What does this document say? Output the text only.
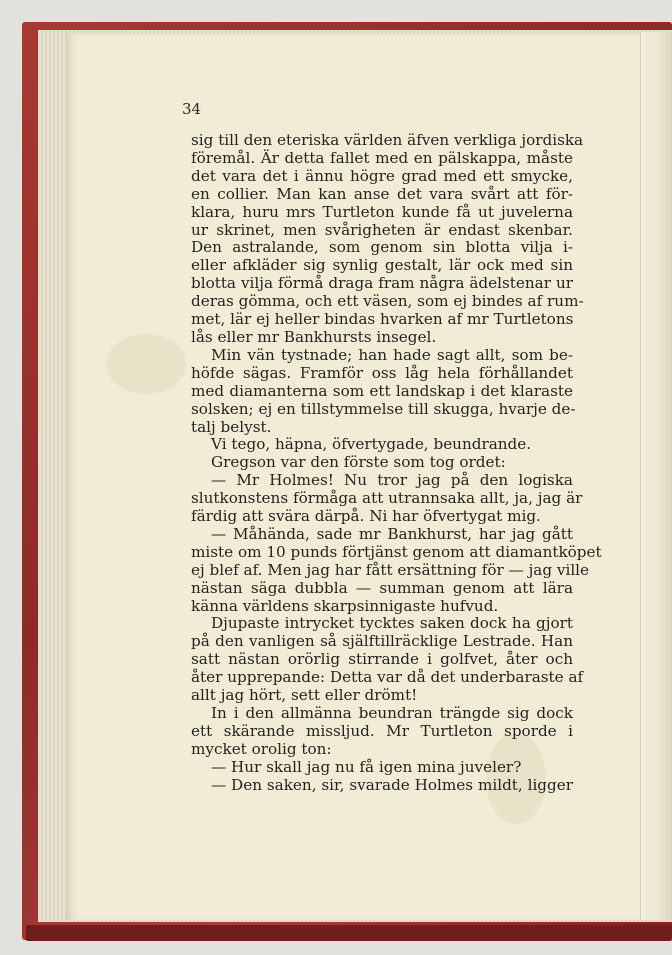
34
sig till den eteriska världen äfven verkliga jordiska
föremål. Är detta fallet med en pälskappa, måste
det vara det i ännu högre grad med ett smycke,
en collier. Man kan anse det vara svårt att för-
klara, huru mrs Turtleton kunde få ut juvelerna
ur skrinet, men svårigheten är endast skenbar.
Den astralande, som genom sin blotta vilja i-
eller afkläder sig synlig gestalt, lär ock med sin
blotta vilja förmå draga fram några ädelstenar ur
deras gömma, och ett väsen, som ej bindes af rum-
met, lär ej heller bindas hvarken af mr Turtletons
lås eller mr Bankhursts insegel.
Min vän tystnade; han hade sagt allt, som be-
höfde sägas. Framför oss låg hela förhållandet
med diamanterna som ett landskap i det klaraste
solsken; ej en tillstymmelse till skugga, hvarje de-
talj belyst.
Vi tego, häpna, öfvertygade, beundrande.
Gregson var den förste som tog ordet:
— Mr Holmes! Nu tror jag på den logiska
slutkonstens förmåga att utrannsaka allt, ja, jag är
färdig att svära därpå. Ni har öfvertygat mig.
— Måhända, sade mr Bankhurst, har jag gått
miste om 10 punds förtjänst genom att diamantköpet
ej blef af. Men jag har fått ersättning för — jag ville
nästan säga dubbla — summan genom att lära
känna världens skarpsinnigaste hufvud.
Djupaste intrycket tycktes saken dock ha gjort
på den vanligen så själftillräcklige Lestrade. Han
satt nästan orörlig stirrande i golfvet, åter och
åter upprepande: Detta var då det underbaraste af
allt jag hört, sett eller drömt!
In i den allmänna beundran trängde sig dock
ett skärande missljud. Mr Turtleton sporde i
mycket orolig ton:
— Hur skall jag nu få igen mina juveler?
— Den saken, sir, svarade Holmes mildt, ligger
